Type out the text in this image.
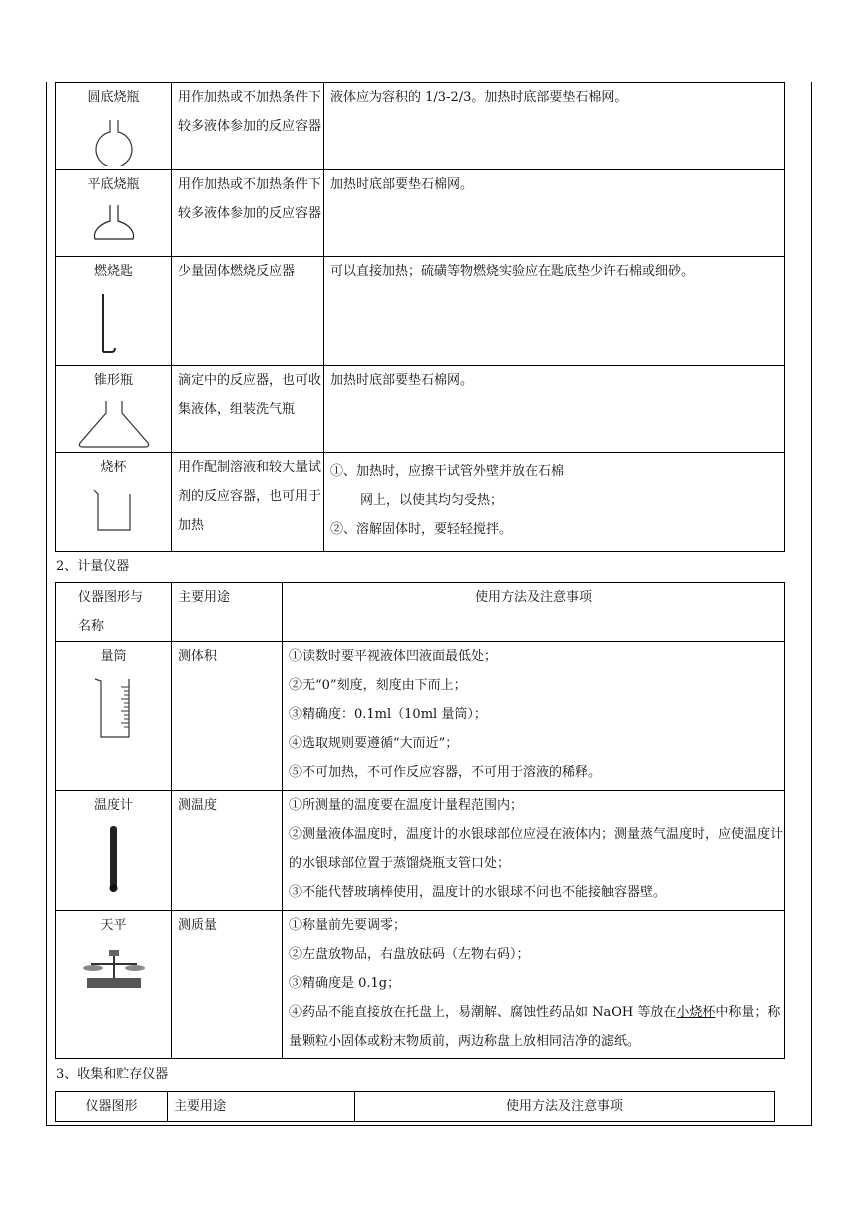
圆底烧瓶	用作加热或不加热条件下较多液体参加的反应容器	液体应为容积的 1/3-2/3。加热时底部要垫石棉网。

平底烧瓶	用作加热或不加热条件下较多液体参加的反应容器	加热时底部要垫石棉网。

燃烧匙	少量固体燃烧反应器	可以直接加热；硫磺等物燃烧实验应在匙底垫少许石棉或细砂。

锥形瓶	滴定中的反应器，也可收集液体，组装洗气瓶	加热时底部要垫石棉网。

烧杯	用作配制溶液和较大量试剂的反应容器，也可用于加热	①、加热时，应擦干试管外壁并放在石棉
网上，以使其均匀受热；
②、溶解固体时，要轻轻搅拌。
2、计量仪器
仪器图形与名称	主要用途	使用方法及注意事项

量筒	测体积	①读数时要平视液体凹液面最低处；
②无“0”刻度，刻度由下而上；
③精确度：0.1ml（10ml 量筒）；
④选取规则要遵循“大而近”；
⑤不可加热，不可作反应容器，不可用于溶液的稀释。

温度计	测温度	①所测量的温度要在温度计量程范围内；
②测量液体温度时，温度计的水银球部位应浸在液体内；测量蒸气温度时，应使温度计的水银球部位置于蒸馏烧瓶支管口处；
③不能代替玻璃棒使用，温度计的水银球不问也不能接触容器壁。

天平	测质量	①称量前先要调零；
②左盘放物品，右盘放砝码（左物右码）；
③精确度是 0.1g；
④药品不能直接放在托盘上，易潮解、腐蚀性药品如 NaOH 等放在小烧杯中称量；称量颗粒小固体或粉末物质前，两边称盘上放相同洁净的滤纸。
3、收集和贮存仪器
仪器图形	主要用途	使用方法及注意事项
